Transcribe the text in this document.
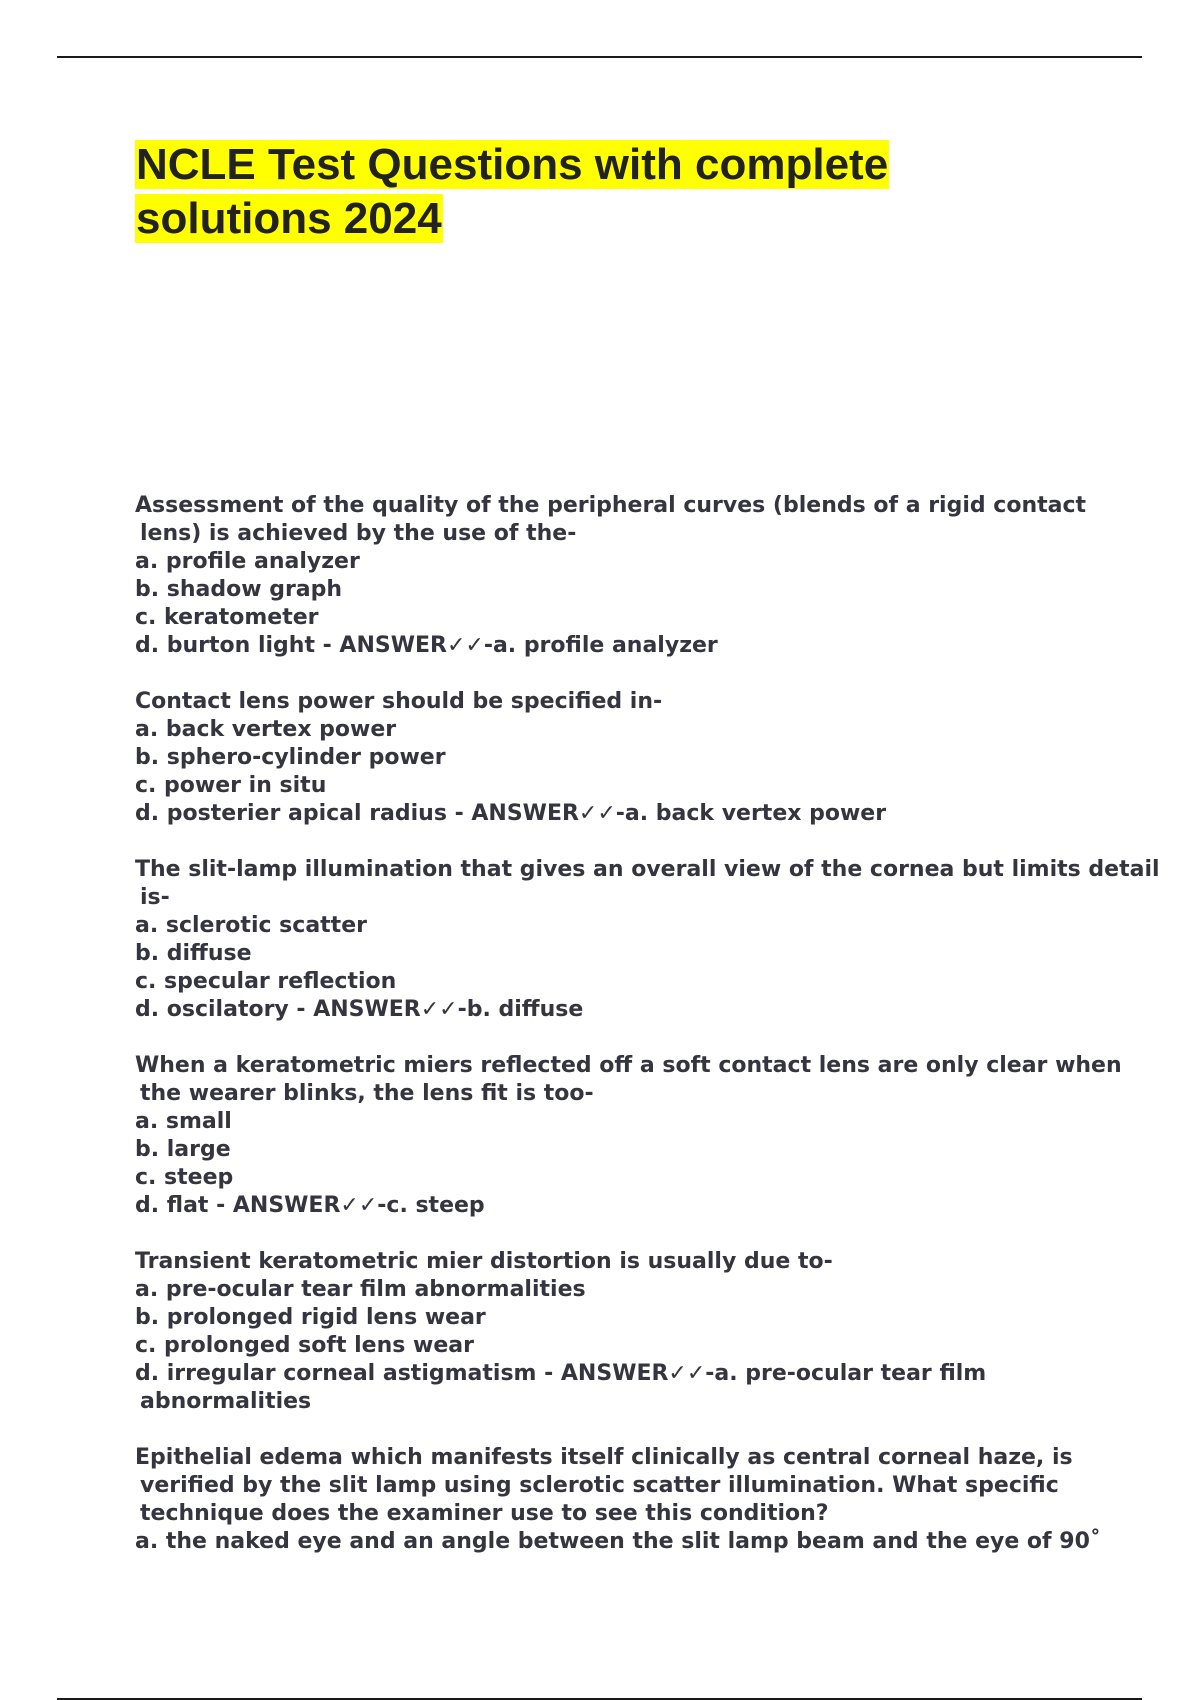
NCLE Test Questions with complete
solutions 2024
Assessment of the quality of the peripheral curves (blends of a rigid contact
lens) is achieved by the use of the-
a. profile analyzer
b. shadow graph
c. keratometer
d. burton light - ANSWER✓✓-a. profile analyzer
Contact lens power should be specified in-
a. back vertex power
b. sphero-cylinder power
c. power in situ
d. posterier apical radius - ANSWER✓✓-a. back vertex power
The slit-lamp illumination that gives an overall view of the cornea but limits detail
is-
a. sclerotic scatter
b. diffuse
c. specular reflection
d. oscilatory - ANSWER✓✓-b. diffuse
When a keratometric miers reflected off a soft contact lens are only clear when
the wearer blinks, the lens fit is too-
a. small
b. large
c. steep
d. flat - ANSWER✓✓-c. steep
Transient keratometric mier distortion is usually due to-
a. pre-ocular tear film abnormalities
b. prolonged rigid lens wear
c. prolonged soft lens wear
d. irregular corneal astigmatism - ANSWER✓✓-a. pre-ocular tear film
abnormalities
Epithelial edema which manifests itself clinically as central corneal haze, is
verified by the slit lamp using sclerotic scatter illumination. What specific
technique does the examiner use to see this condition?
a. the naked eye and an angle between the slit lamp beam and the eye of 90˚
